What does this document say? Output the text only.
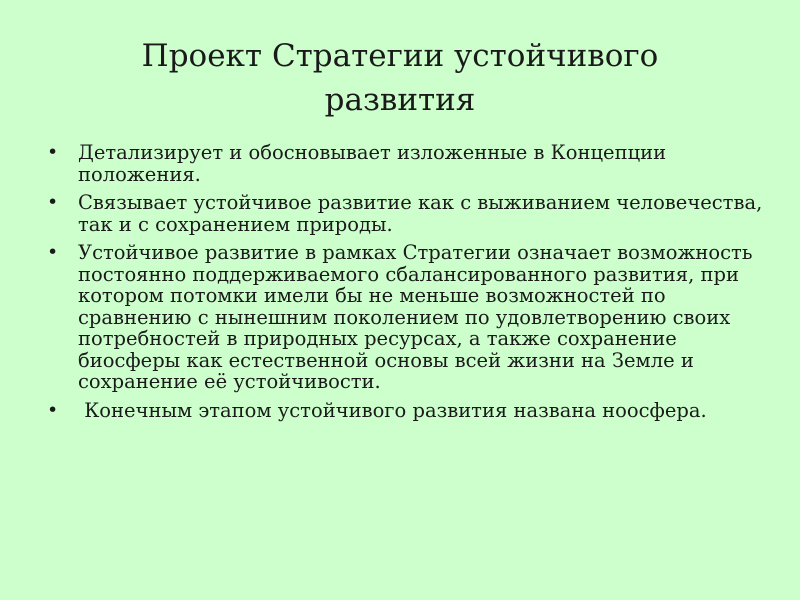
Проект Стратегии устойчивого
развития
• Детализирует и обосновывает изложенные в Концепции положения.
• Связывает устойчивое развитие как с выживанием человечества, так и с сохранением природы.
• Устойчивое развитие в рамках Стратегии означает возможность постоянно поддерживаемого сбалансированного развития, при котором потомки имели бы не меньше возможностей по сравнению с нынешним поколением по удовлетворению своих потребностей в природных ресурсах, а также сохранение биосферы как естественной основы всей жизни на Земле и сохранение её устойчивости.
• Конечным этапом устойчивого развития названа ноосфера.
